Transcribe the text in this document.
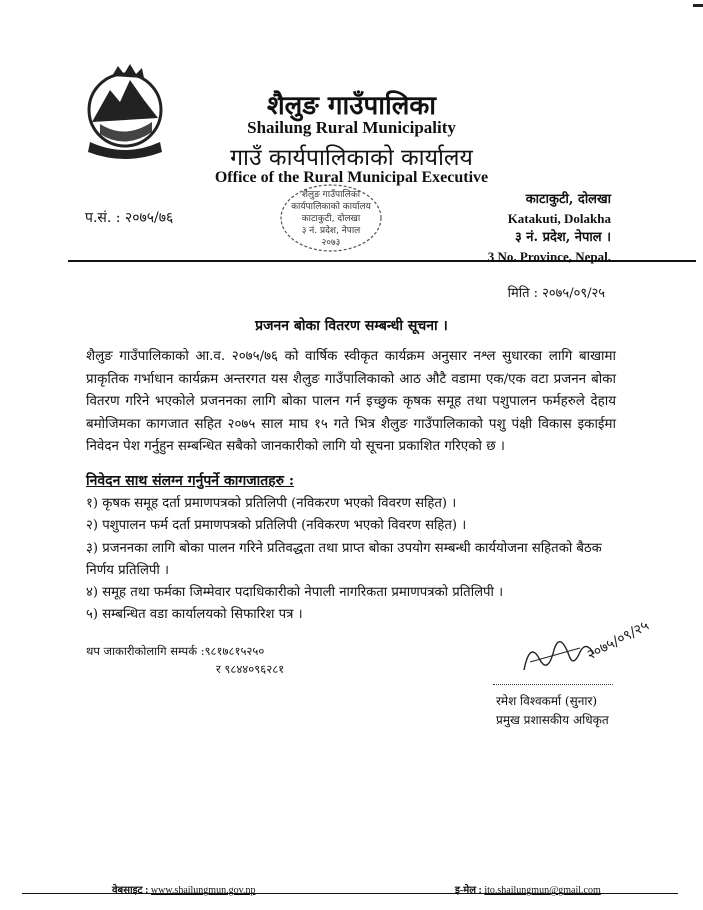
शैलुङ गाउँपालिका
Shailung Rural Municipality
गाउँ कार्यपालिकाको कार्यालय
Office of the Rural Municipal Executive
प.सं. : २०७५/७६
शैलुङ गाउँपालिका
कार्यपालिकाको कार्यालय
काटाकुटी, दोलखा
३ नं. प्रदेश, नेपाल
२०७३
काटाकुटी, दोलखा
Katakuti, Dolakha
३ नं. प्रदेश, नेपाल ।
3 No. Province, Nepal.
मिति : २०७५/०९/२५
प्रजनन बोका वितरण सम्बन्धी सूचना ।
शैलुङ गाउँपालिकाको आ.व. २०७५/७६ को वार्षिक स्वीकृत कार्यक्रम अनुसार नश्ल सुधारका लागि बाखामा प्राकृतिक गर्भाधान कार्यक्रम अन्तरगत यस शैलुङ गाउँपालिकाको आठ औटै वडामा एक/एक वटा प्रजनन बोका वितरण गरिने भएकोले प्रजननका लागि बोका पालन गर्न इच्छुक कृषक समूह तथा पशुपालन फर्महरुले देहाय बमोजिमका कागजात सहित २०७५ साल माघ १५ गते भित्र शैलुङ गाउँपालिकाको पशु पंक्षी विकास इकाईमा निवेदन पेश गर्नुहुन सम्बन्धित सबैको जानकारीको लागि यो सूचना प्रकाशित गरिएको छ ।
निवेदन साथ संलग्न गर्नुपर्ने कागजातहरु :
१) कृषक समूह दर्ता प्रमाणपत्रको प्रतिलिपी (नविकरण भएको विवरण सहित) ।
२) पशुपालन फर्म दर्ता प्रमाणपत्रको प्रतिलिपी (नविकरण भएको विवरण सहित) ।
३) प्रजननका लागि बोका पालन गरिने प्रतिवद्धता तथा प्राप्त बोका उपयोग सम्बन्धी कार्ययोजना सहितको बैठक निर्णय प्रतिलिपी ।
४) समूह तथा फर्मका जिम्मेवार पदाधिकारीको नेपाली नागरिकता प्रमाणपत्रको प्रतिलिपी ।
५) सम्बन्धित वडा कार्यालयको सिफारिश पत्र ।
थप जाकारीकोलागि सम्पर्क :९८१७८१५२५०
र ९८४४०९६२८१
२०७५/०९/२५
रमेश विश्वकर्मा (सुनार)
प्रमुख प्रशासकीय अधिकृत
वेबसाइट : www.shailungmun.gov.np	इ-मेल : ito.shailungmun@gmail.com
